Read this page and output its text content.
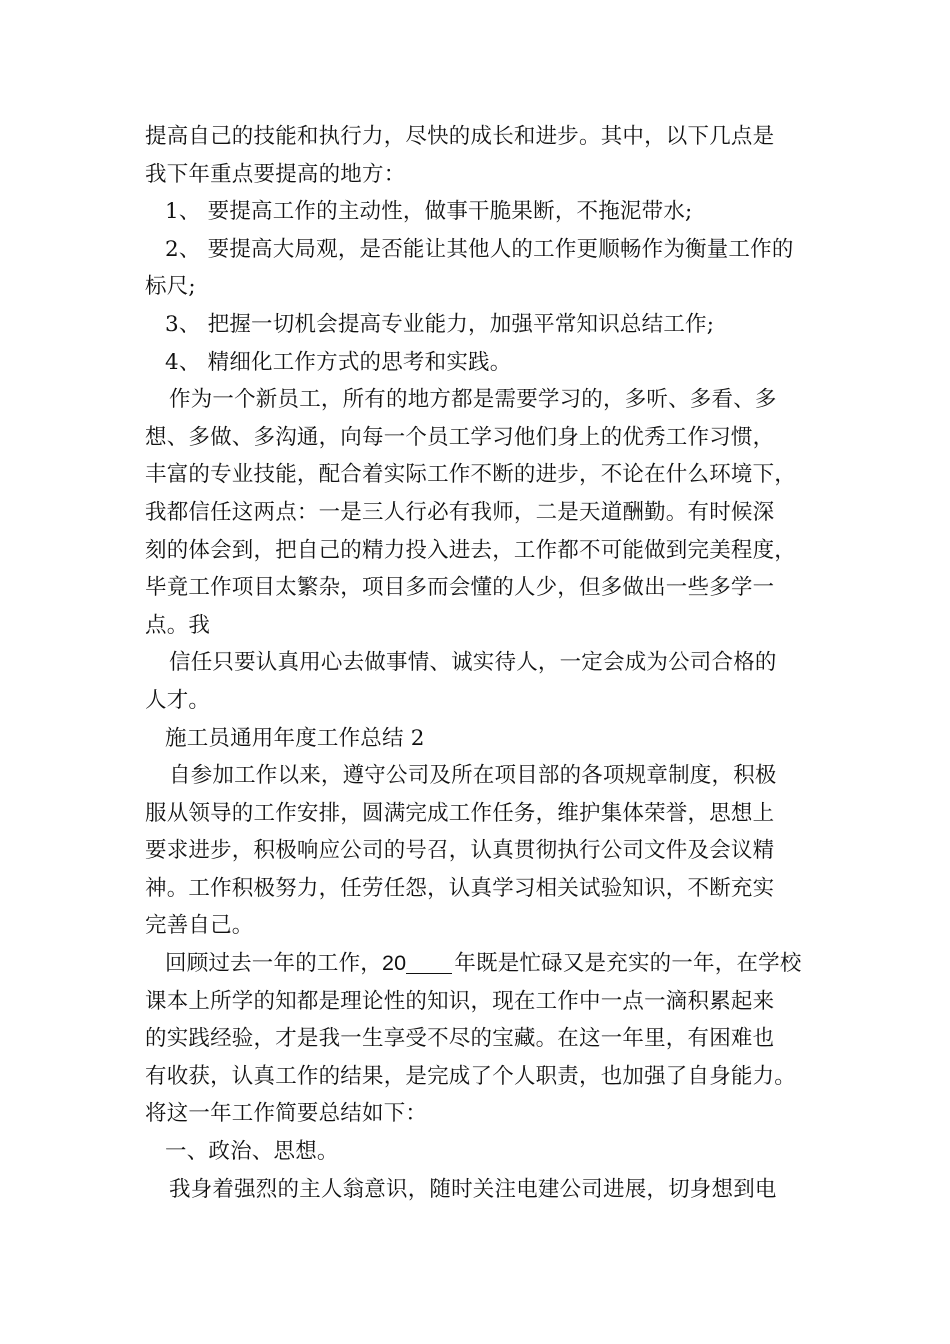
提高自己的技能和执行力，尽快的成长和进步。其中，以下几点是
我下年重点要提高的地方：
1、 要提高工作的主动性，做事干脆果断，不拖泥带水;
2、 要提高大局观，是否能让其他人的工作更顺畅作为衡量工作的
标尺;
3、 把握一切机会提高专业能力，加强平常知识总结工作;
4、 精细化工作方式的思考和实践。
作为一个新员工，所有的地方都是需要学习的，多听、多看、多
想、多做、多沟通，向每一个员工学习他们身上的优秀工作习惯，
丰富的专业技能，配合着实际工作不断的进步，不论在什么环境下，
我都信任这两点：一是三人行必有我师，二是天道酬勤。有时候深
刻的体会到，把自己的精力投入进去，工作都不可能做到完美程度，
毕竟工作项目太繁杂，项目多而会懂的人少，但多做出一些多学一
点。我
信任只要认真用心去做事情、诚实待人，一定会成为公司合格的
人才。
施工员通用年度工作总结 2
自参加工作以来，遵守公司及所在项目部的各项规章制度，积极
服从领导的工作安排，圆满完成工作任务，维护集体荣誉，思想上
要求进步，积极响应公司的号召，认真贯彻执行公司文件及会议精
神。工作积极努力，任劳任怨，认真学习相关试验知识，不断充实
完善自己。
回顾过去一年的工作，20 年既是忙碌又是充实的一年，在学校
课本上所学的知都是理论性的知识，现在工作中一点一滴积累起来
的实践经验，才是我一生享受不尽的宝藏。在这一年里，有困难也
有收获，认真工作的结果，是完成了个人职责，也加强了自身能力。
将这一年工作简要总结如下：
一、政治、思想。
我身着强烈的主人翁意识，随时关注电建公司进展，切身想到电
